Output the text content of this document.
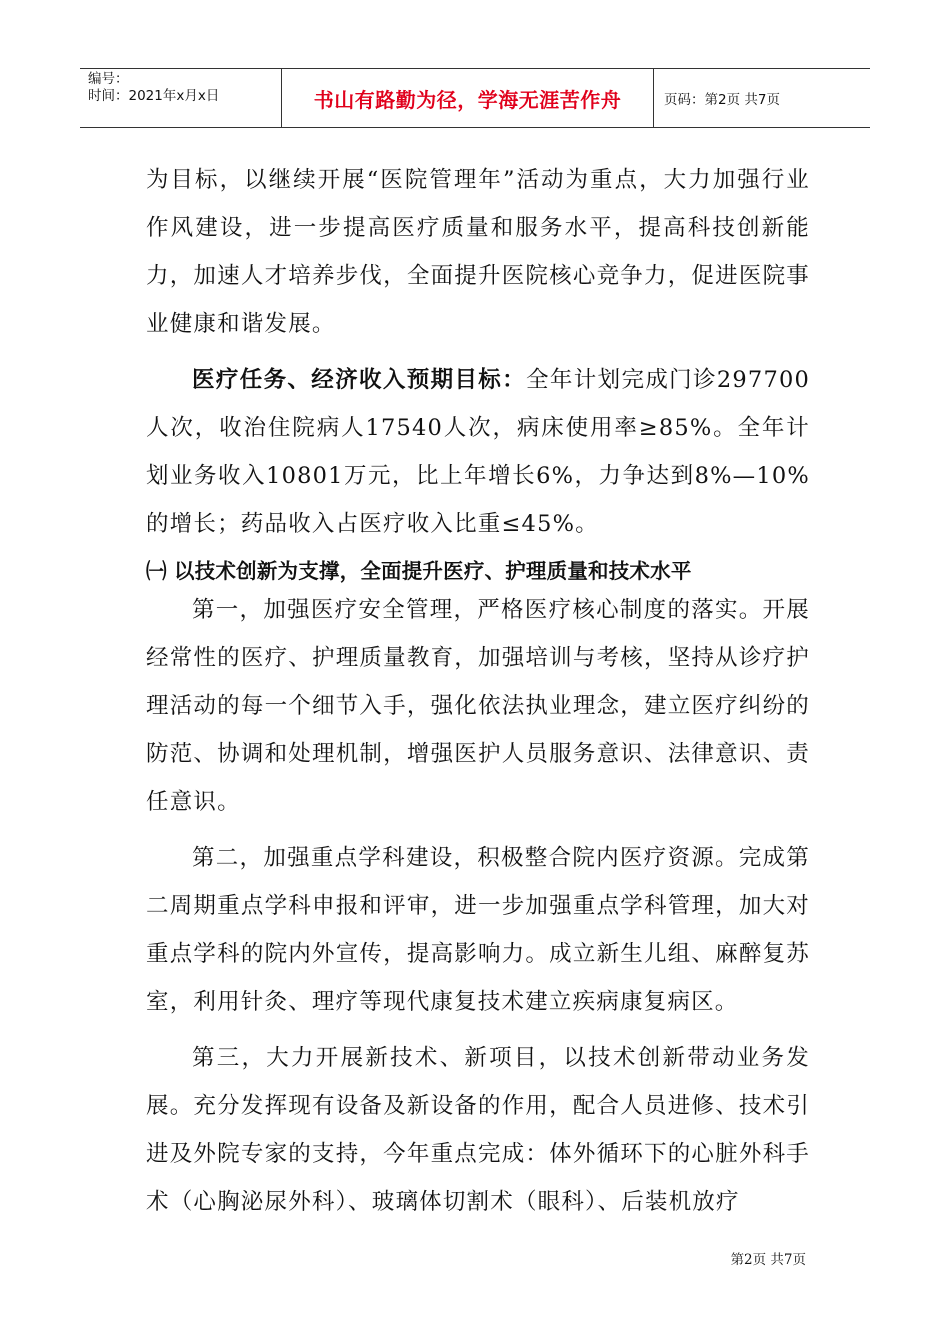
编号：
时间：2021年x月x日	书山有路勤为径，学海无涯苦作舟	页码：第2页 共7页

为目标，以继续开展“医院管理年”活动为重点，大力加强行业作风建设，进一步提高医疗质量和服务水平，提高科技创新能力，加速人才培养步伐，全面提升医院核心竞争力，促进医院事业健康和谐发展。

医疗任务、经济收入预期目标：全年计划完成门诊297700人次，收治住院病人17540人次，病床使用率≥85%。全年计划业务收入10801万元，比上年增长6%，力争达到8%—10%的增长；药品收入占医疗收入比重≤45%。

㈠ 以技术创新为支撑，全面提升医疗、护理质量和技术水平

第一，加强医疗安全管理，严格医疗核心制度的落实。开展经常性的医疗、护理质量教育，加强培训与考核，坚持从诊疗护理活动的每一个细节入手，强化依法执业理念，建立医疗纠纷的防范、协调和处理机制，增强医护人员服务意识、法律意识、责任意识。

第二，加强重点学科建设，积极整合院内医疗资源。完成第二周期重点学科申报和评审，进一步加强重点学科管理，加大对重点学科的院内外宣传，提高影响力。成立新生儿组、麻醉复苏室，利用针灸、理疗等现代康复技术建立疾病康复病区。

第三，大力开展新技术、新项目，以技术创新带动业务发展。充分发挥现有设备及新设备的作用，配合人员进修、技术引进及外院专家的支持，今年重点完成：体外循环下的心脏外科手术（心胸泌尿外科）、玻璃体切割术（眼科）、后装机放疗

第2页 共7页
